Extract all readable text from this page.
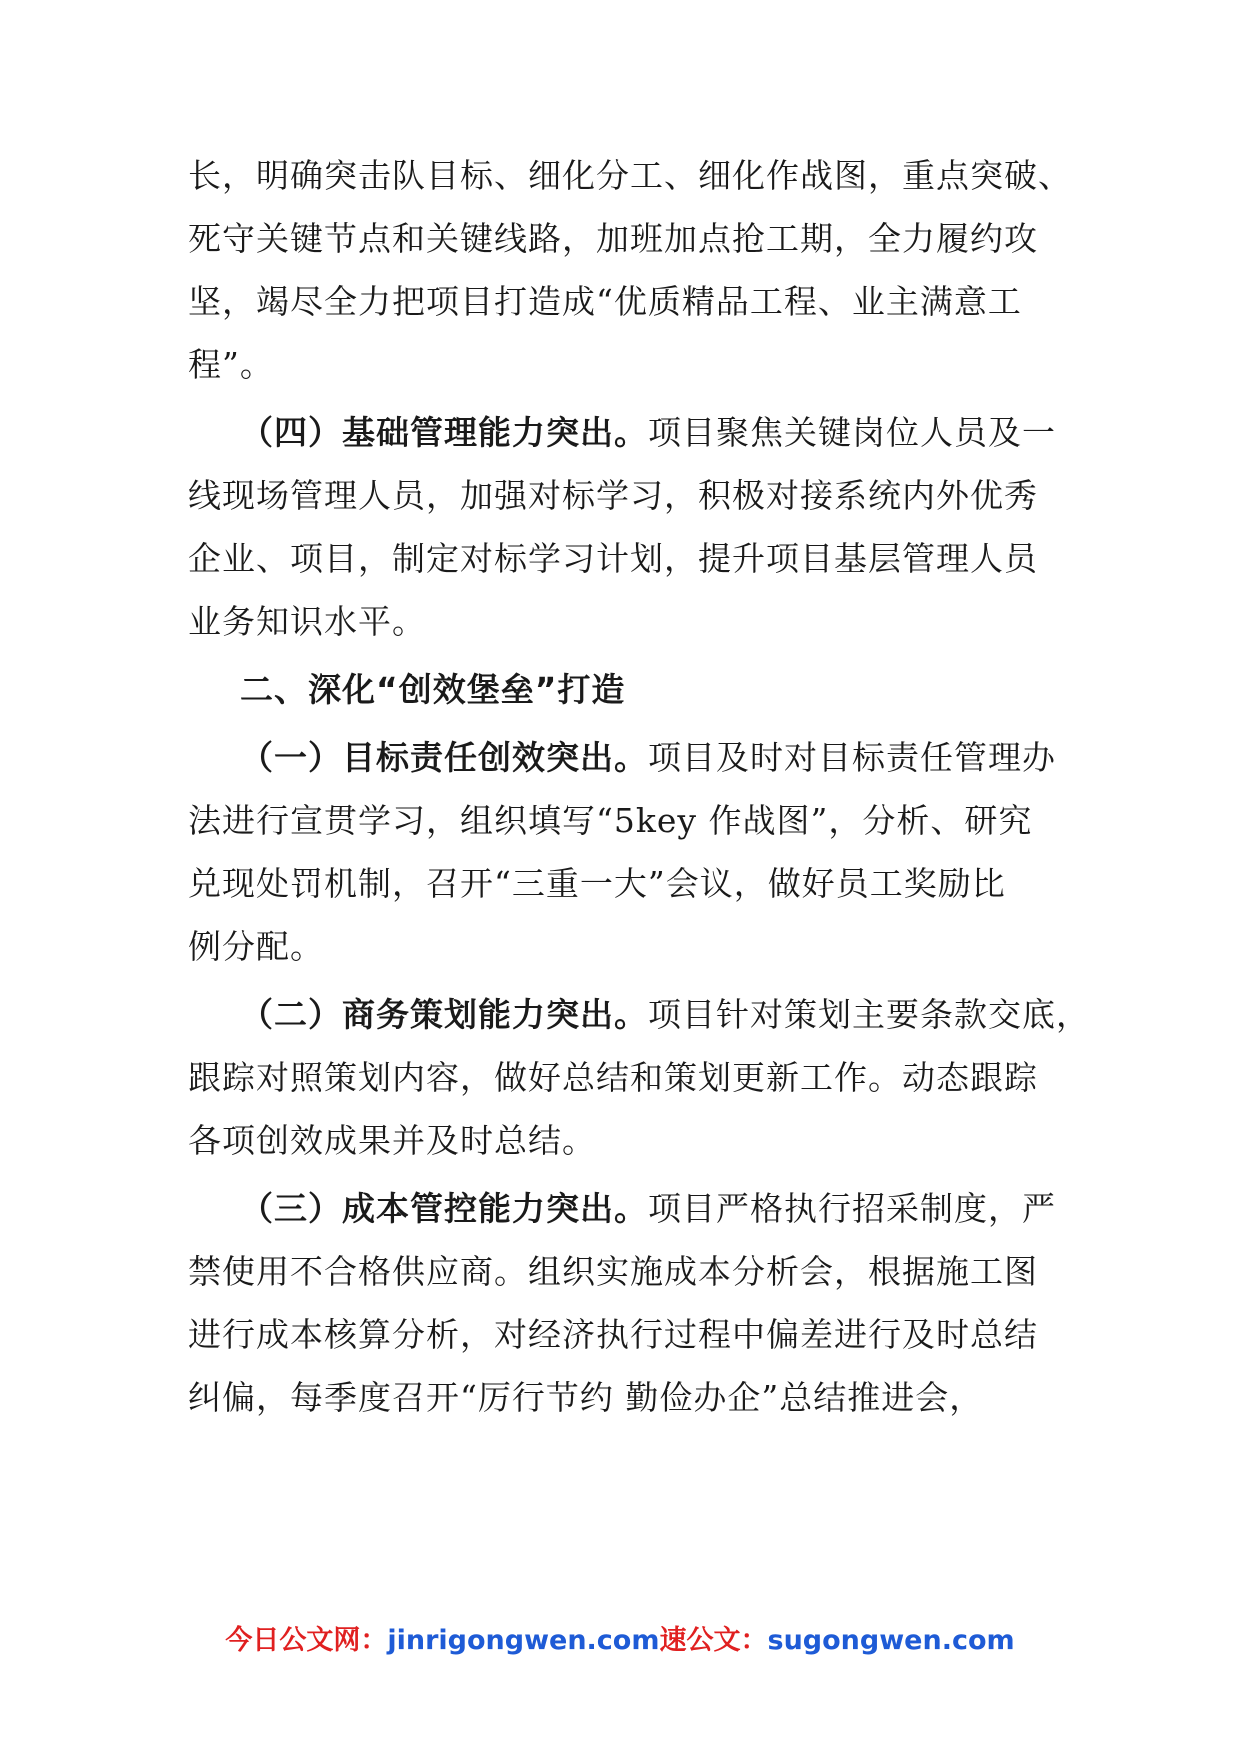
长，明确突击队目标、细化分工、细化作战图，重点突破、
死守关键节点和关键线路，加班加点抢工期，全力履约攻
坚，竭尽全力把项目打造成“优质精品工程、业主满意工
程”。
（四）基础管理能力突出。项目聚焦关键岗位人员及一
线现场管理人员，加强对标学习，积极对接系统内外优秀
企业、项目，制定对标学习计划，提升项目基层管理人员
业务知识水平。
二、深化“创效堡垒”打造
（一）目标责任创效突出。项目及时对目标责任管理办
法进行宣贯学习，组织填写“5key 作战图”，分析、研究
兑现处罚机制，召开“三重一大”会议，做好员工奖励比
例分配。
（二）商务策划能力突出。项目针对策划主要条款交底，
跟踪对照策划内容，做好总结和策划更新工作。动态跟踪
各项创效成果并及时总结。
（三）成本管控能力突出。项目严格执行招采制度，严
禁使用不合格供应商。组织实施成本分析会，根据施工图
进行成本核算分析，对经济执行过程中偏差进行及时总结
纠偏，每季度召开“厉行节约 勤俭办企”总结推进会，
今日公文网：jinrigongwen.com速公文：sugongwen.com
